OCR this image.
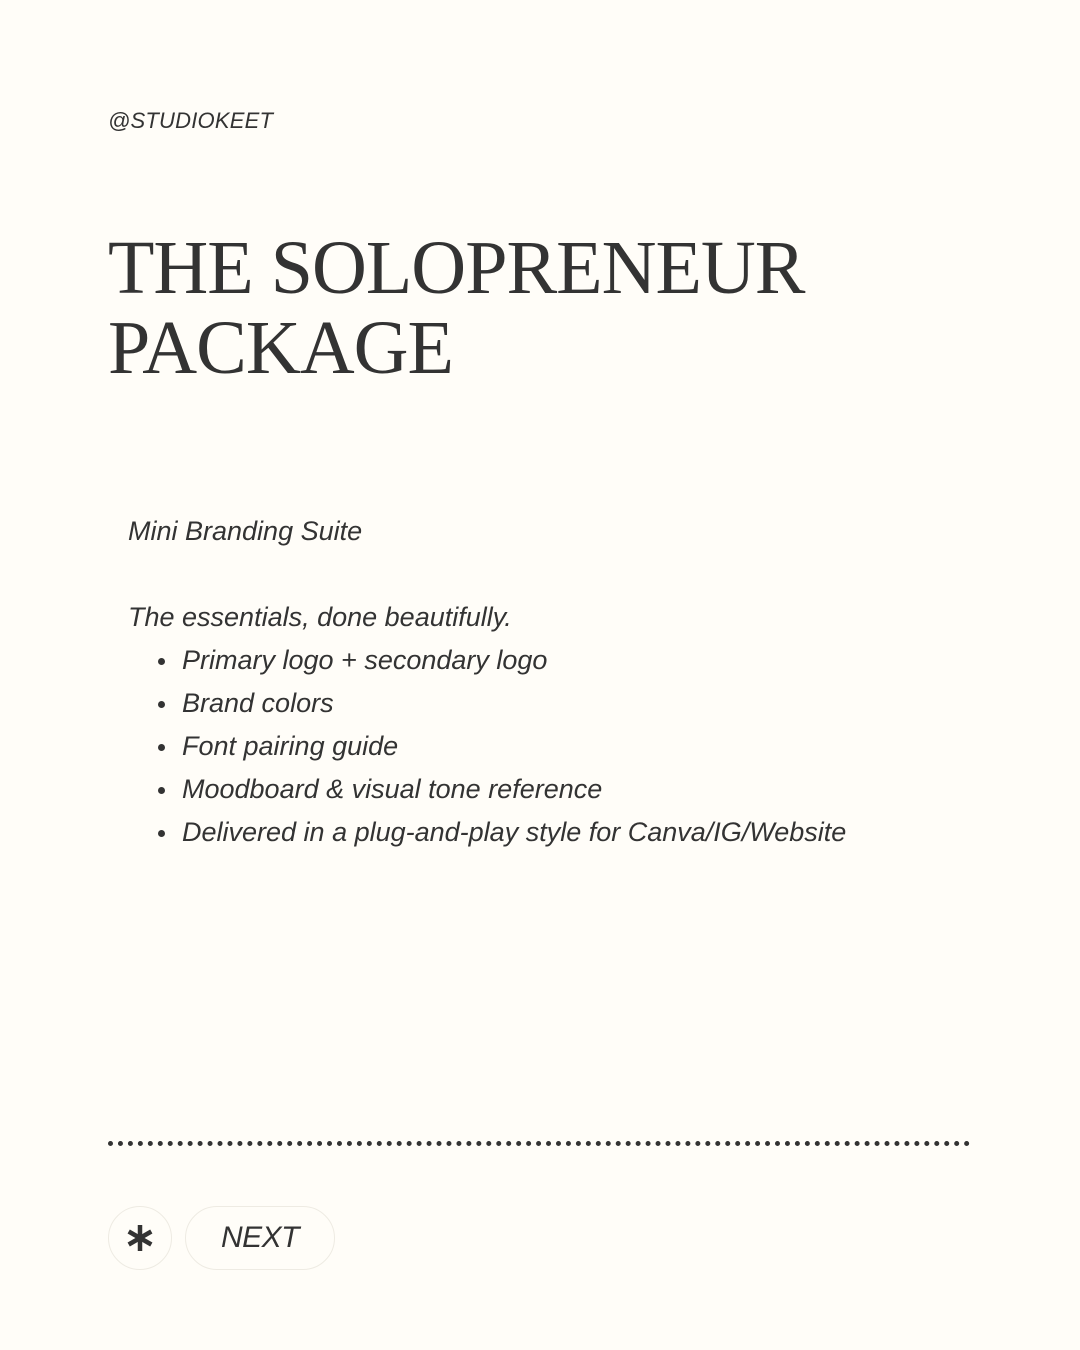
@STUDIOKEET
THE SOLOPRENEUR
PACKAGE

Mini Branding Suite

The essentials, done beautifully.

Primary logo + secondary logo
Brand colors
Font pairing guide
Moodboard & visual tone reference
Delivered in a plug-and-play style for Canva/IG/Website
NEXT
